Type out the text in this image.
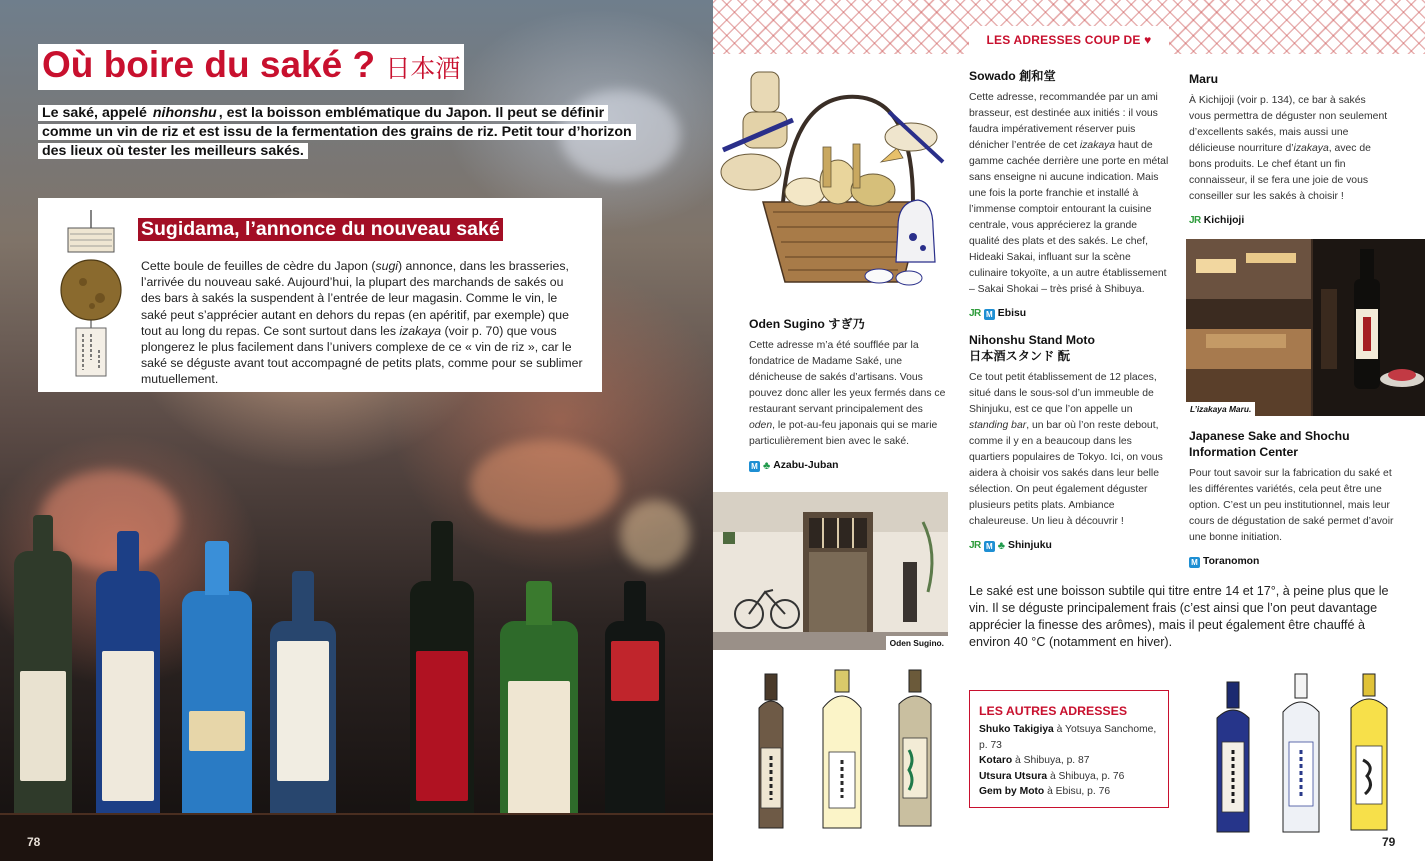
Où boire du saké ? 日本酒

Le saké, appelé nihonshu , est la boisson emblématique du Japon. Il peut se définir comme un vin de riz et est issu de la fermentation des grains de riz. Petit tour d’horizon des lieux où tester les meilleurs sakés.

Sugidama, l’annonce du nouveau saké

Cette boule de feuilles de cèdre du Japon (sugi) annonce, dans les brasseries, l’arrivée du nouveau saké. Aujourd’hui, la plupart des marchands de sakés ou des bars à sakés la suspendent à l’entrée de leur magasin. Comme le vin, le saké peut s’apprécier autant en dehors du repas (en apéritif, par exemple) que tout au long du repas. Ce sont surtout dans les izakaya (voir p. 70) que vous plongerez le plus facilement dans l’univers complexe de ce « vin de riz », car le saké se déguste avant tout accompagné de petits plats, comme pour se sublimer mutuellement.

78
LES ADRESSES COUP DE ♥
Oden Sugino すぎ乃
Cette adresse m’a été soufflée par la fondatrice de Madame Saké, une dénicheuse de sakés d’artisans. Vous pouvez donc aller les yeux fermés dans ce restaurant servant principalement des oden, le pot-au-feu japonais qui se marie particulièrement bien avec le saké.
M ♣ Azabu-Juban
Oden Sugino.
Sowado 創和堂
Cette adresse, recommandée par un ami brasseur, est destinée aux initiés : il vous faudra impérativement réserver puis dénicher l’entrée de cet izakaya haut de gamme cachée derrière une porte en métal sans enseigne ni aucune indication. Mais une fois la porte franchie et installé à l’immense comptoir entourant la cuisine centrale, vous apprécierez la grande qualité des plats et des sakés. Le chef, Hideaki Sakai, influant sur la scène culinaire tokyoïte, a un autre établissement – Sakai Shokai – très prisé à Shibuya.
JR M Ebisu
Nihonshu Stand Moto
日本酒スタンド 酛
Ce tout petit établissement de 12 places, situé dans le sous-sol d’un immeuble de Shinjuku, est ce que l’on appelle un standing bar, un bar où l’on reste debout, comme il y en a beaucoup dans les quartiers populaires de Tokyo. Ici, on vous aidera à choisir vos sakés dans leur belle sélection. On peut également déguster plusieurs petits plats. Ambiance chaleureuse. Un lieu à découvrir !
JR M ♣ Shinjuku
Maru
À Kichijoji (voir p. 134), ce bar à sakés vous permettra de déguster non seulement d’excellents sakés, mais aussi une délicieuse nourriture d’izakaya, avec de bons produits. Le chef étant un fin connaisseur, il se fera une joie de vous conseiller sur les sakés à choisir !
JR Kichijoji
L’izakaya Maru.
Japanese Sake and Shochu Information Center
Pour tout savoir sur la fabrication du saké et les différentes variétés, cela peut être une option. C’est un peu institutionnel, mais leur cours de dégustation de saké permet d’avoir une bonne initiation.
M Toranomon

Le saké est une boisson subtile qui titre entre 14 et 17°, à peine plus que le vin. Il se déguste principalement frais (c’est ainsi que l’on peut davantage apprécier la finesse des arômes), mais il peut également être chauffé à environ 40 °C (notamment en hiver).

LES AUTRES ADRESSES
Shuko Takigiya à Yotsuya Sanchome, p. 73
Kotaro à Shibuya, p. 87
Utsura Utsura à Shibuya, p. 76
Gem by Moto à Ebisu, p. 76
79
